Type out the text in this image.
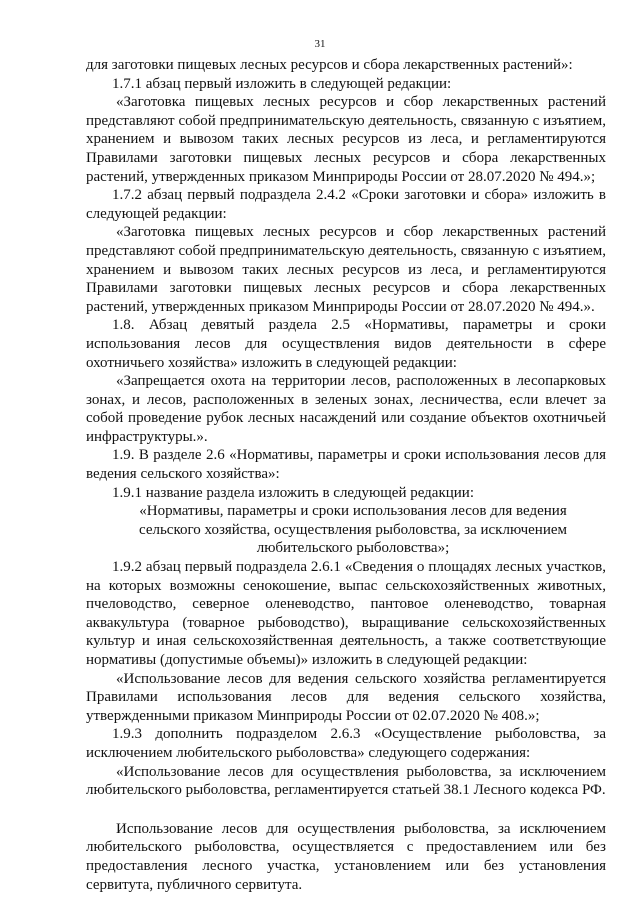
31

для заготовки пищевых лесных ресурсов и сбора лекарственных растений»:

1.7.1 абзац первый изложить в следующей редакции:

«Заготовка пищевых лесных ресурсов и сбор лекарственных растений представляют собой предпринимательскую деятельность, связанную с изъятием, хранением и вывозом таких лесных ресурсов из леса, и регламентируются Правилами заготовки пищевых лесных ресурсов и сбора лекарственных растений, утвержденных приказом Минприроды России от 28.07.2020 № 494.»;

1.7.2 абзац первый подраздела 2.4.2 «Сроки заготовки и сбора» изложить в следующей редакции:

«Заготовка пищевых лесных ресурсов и сбор лекарственных растений представляют собой предпринимательскую деятельность, связанную с изъятием, хранением и вывозом таких лесных ресурсов из леса, и регламентируются Правилами заготовки пищевых лесных ресурсов и сбора лекарственных растений, утвержденных приказом Минприроды России от 28.07.2020 № 494.».

1.8. Абзац девятый раздела 2.5 «Нормативы, параметры и сроки использования лесов для осуществления видов деятельности в сфере охотничьего хозяйства» изложить в следующей редакции:

«Запрещается охота на территории лесов, расположенных в лесопарковых зонах, и лесов, расположенных в зеленых зонах, лесничества, если влечет за собой проведение рубок лесных насаждений или создание объектов охотничьей инфраструктуры.».

1.9. В разделе 2.6 «Нормативы, параметры и сроки использования лесов для ведения сельского хозяйства»:

1.9.1 название раздела изложить в следующей редакции:

«Нормативы, параметры и сроки использования лесов для ведения сельского хозяйства, осуществления рыболовства, за исключением любительского рыболовства»;

1.9.2 абзац первый подраздела 2.6.1 «Сведения о площадях лесных участков, на которых возможны сенокошение, выпас сельскохозяйственных животных, пчеловодство, северное оленеводство, пантовое оленеводство, товарная аквакультура (товарное рыбоводство), выращивание сельскохозяйственных культур и иная сельскохозяйственная деятельность, а также соответствующие нормативы (допустимые объемы)» изложить в следующей редакции:

«Использование лесов для ведения сельского хозяйства регламентируется Правилами использования лесов для ведения сельского хозяйства, утвержденными приказом Минприроды России от 02.07.2020 № 408.»;

1.9.3 дополнить подразделом 2.6.3 «Осуществление рыболовства, за исключением любительского рыболовства» следующего содержания:

«Использование лесов для осуществления рыболовства, за исключением любительского рыболовства, регламентируется статьей 38.1 Лесного кодекса РФ.

Использование лесов для осуществления рыболовства, за исключением любительского рыболовства, осуществляется с предоставлением или без предоставления лесного участка, установлением или без установления сервитута, публичного сервитута.
